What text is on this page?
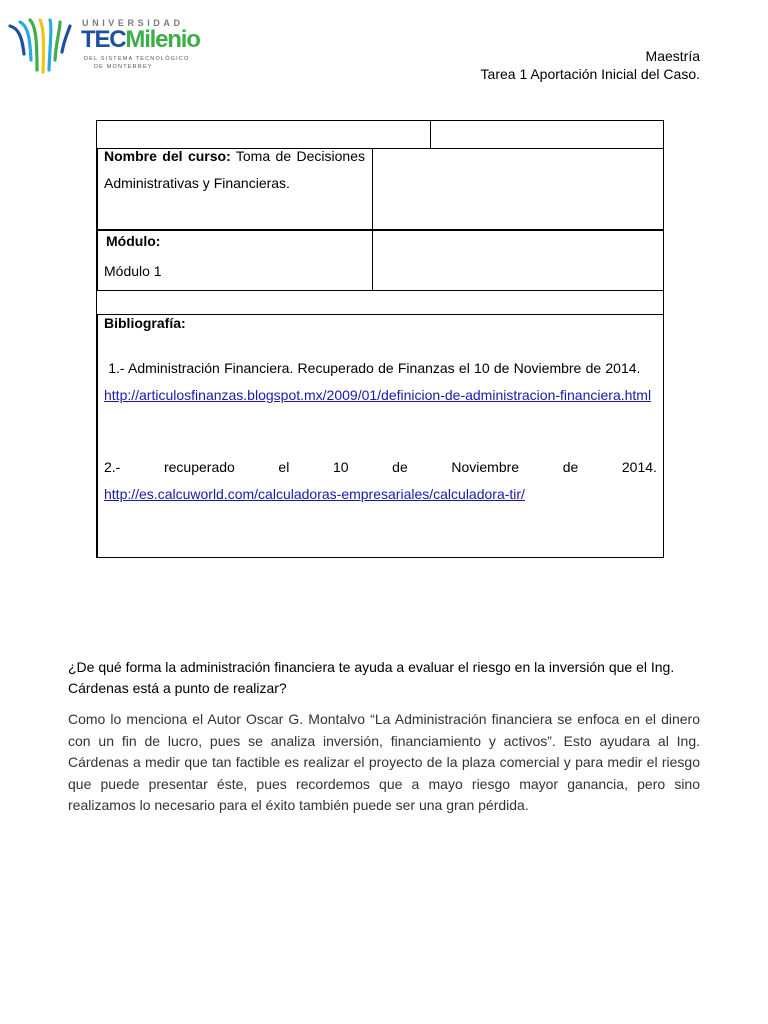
UNIVERSIDAD
TECMilenio
DEL SISTEMA TECNOLÓGICO
DE MONTERREY
Maestría
Tarea 1 Aportación Inicial del Caso.
Nombre del curso: Toma de Decisiones Administrativas y Financieras.
Módulo:
Módulo 1
Bibliografía:
1.- Administración Financiera. Recuperado de Finanzas el 10 de Noviembre de 2014.     http://articulosfinanzas.blogspot.mx/2009/01/definicion-de-administracion-financiera.html
2.-	recuperado	el	10	de	Noviembre	de	2014.
http://es.calcuworld.com/calculadoras-empresariales/calculadora-tir/
¿De qué forma la administración financiera te ayuda a evaluar el riesgo en la inversión que el Ing. Cárdenas está a punto de realizar?
Como lo menciona el Autor Oscar G. Montalvo “La Administración financiera se enfoca en el dinero con un fin de lucro, pues se analiza inversión, financiamiento y activos”. Esto ayudara al Ing. Cárdenas a medir que tan factible es realizar el proyecto de la plaza comercial y para medir el riesgo que puede presentar éste, pues recordemos que a mayo riesgo mayor ganancia, pero sino realizamos lo necesario para el éxito también puede ser una gran pérdida.
